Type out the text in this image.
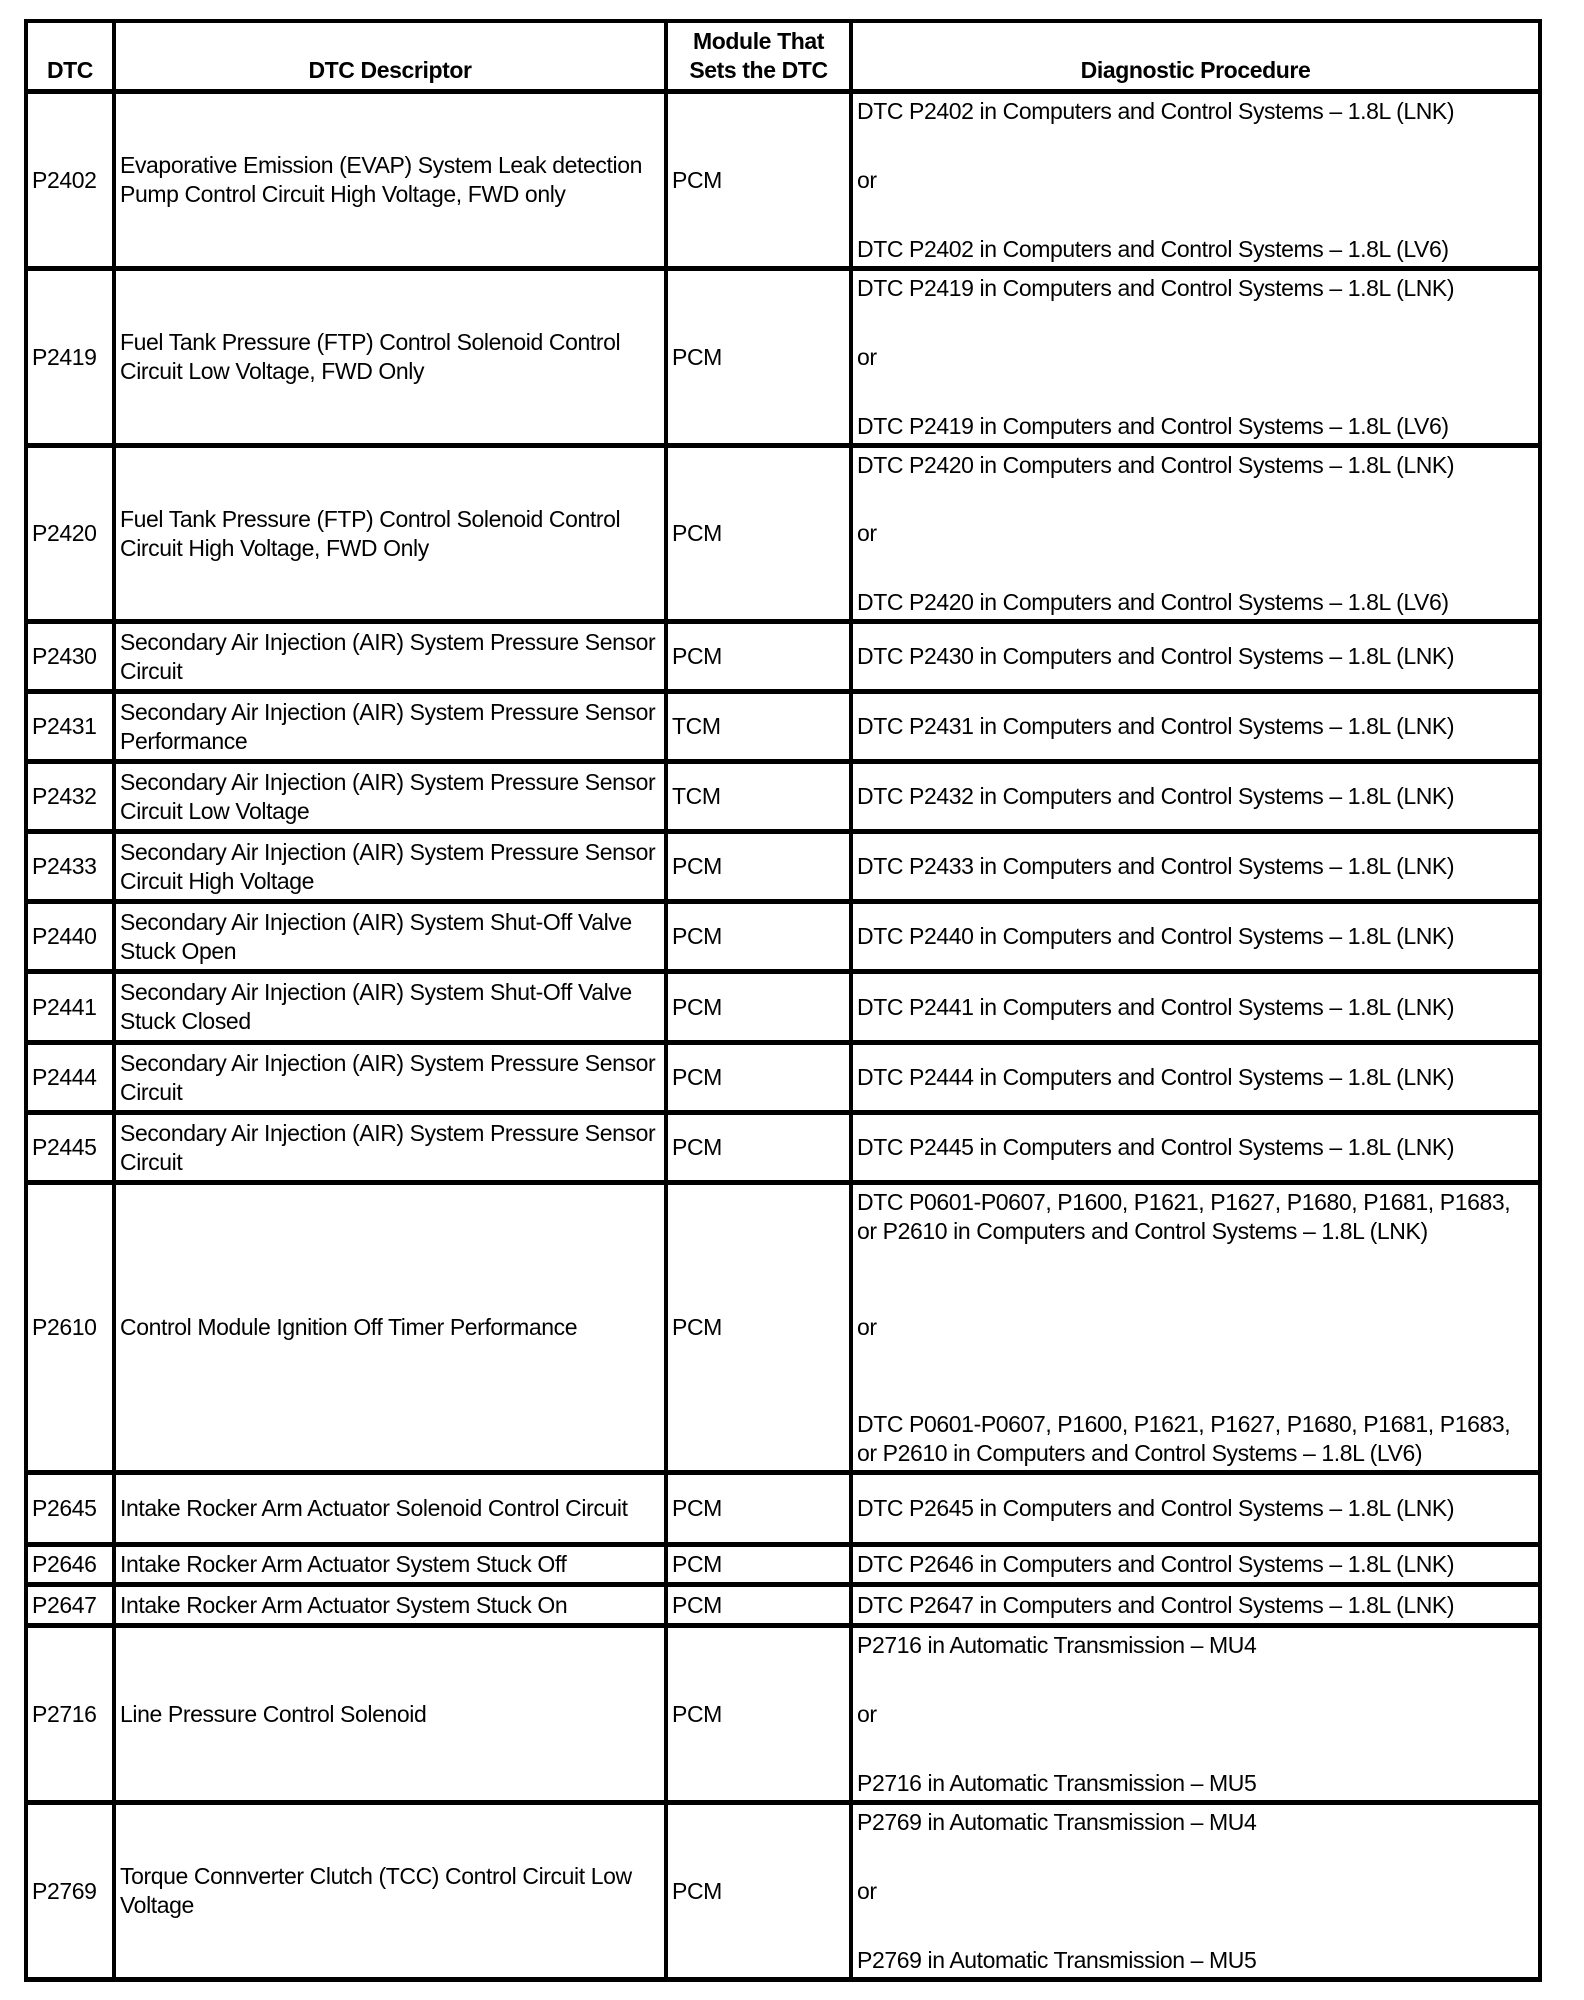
DTC	DTC Descriptor	Module That Sets the DTC	Diagnostic Procedure
P2402	Evaporative Emission (EVAP) System Leak detection Pump Control Circuit High Voltage, FWD only	PCM	DTC P2402 in Computers and Control Systems – 1.8L (LNK)
or
DTC P2402 in Computers and Control Systems – 1.8L (LV6)

P2419	Fuel Tank Pressure (FTP) Control Solenoid Control Circuit Low Voltage, FWD Only	PCM	DTC P2419 in Computers and Control Systems – 1.8L (LNK)
or
DTC P2419 in Computers and Control Systems – 1.8L (LV6)

P2420	Fuel Tank Pressure (FTP) Control Solenoid Control Circuit High Voltage, FWD Only	PCM	DTC P2420 in Computers and Control Systems – 1.8L (LNK)
or
DTC P2420 in Computers and Control Systems – 1.8L (LV6)

P2430	Secondary Air Injection (AIR) System Pressure Sensor Circuit	PCM	DTC P2430 in Computers and Control Systems – 1.8L (LNK)

P2431	Secondary Air Injection (AIR) System Pressure Sensor Performance	TCM	DTC P2431 in Computers and Control Systems – 1.8L (LNK)

P2432	Secondary Air Injection (AIR) System Pressure Sensor Circuit Low Voltage	TCM	DTC P2432 in Computers and Control Systems – 1.8L (LNK)

P2433	Secondary Air Injection (AIR) System Pressure Sensor Circuit High Voltage	PCM	DTC P2433 in Computers and Control Systems – 1.8L (LNK)

P2440	Secondary Air Injection (AIR) System Shut-Off Valve Stuck Open	PCM	DTC P2440 in Computers and Control Systems – 1.8L (LNK)

P2441	Secondary Air Injection (AIR) System Shut-Off Valve Stuck Closed	PCM	DTC P2441 in Computers and Control Systems – 1.8L (LNK)

P2444	Secondary Air Injection (AIR) System Pressure Sensor Circuit	PCM	DTC P2444 in Computers and Control Systems – 1.8L (LNK)

P2445	Secondary Air Injection (AIR) System Pressure Sensor Circuit	PCM	DTC P2445 in Computers and Control Systems – 1.8L (LNK)

P2610	Control Module Ignition Off Timer Performance	PCM	DTC P0601-P0607, P1600, P1621, P1627, P1680, P1681, P1683, or P2610 in Computers and Control Systems – 1.8L (LNK)
or
DTC P0601-P0607, P1600, P1621, P1627, P1680, P1681, P1683, or P2610 in Computers and Control Systems – 1.8L (LV6)

P2645	Intake Rocker Arm Actuator Solenoid Control Circuit	PCM	DTC P2645 in Computers and Control Systems – 1.8L (LNK)

P2646	Intake Rocker Arm Actuator System Stuck Off	PCM	DTC P2646 in Computers and Control Systems – 1.8L (LNK)

P2647	Intake Rocker Arm Actuator System Stuck On	PCM	DTC P2647 in Computers and Control Systems – 1.8L (LNK)

P2716	Line Pressure Control Solenoid	PCM	P2716 in Automatic Transmission – MU4
or
P2716 in Automatic Transmission – MU5

P2769	Torque Connverter Clutch (TCC) Control Circuit Low Voltage	PCM	P2769 in Automatic Transmission – MU4
or
P2769 in Automatic Transmission – MU5
